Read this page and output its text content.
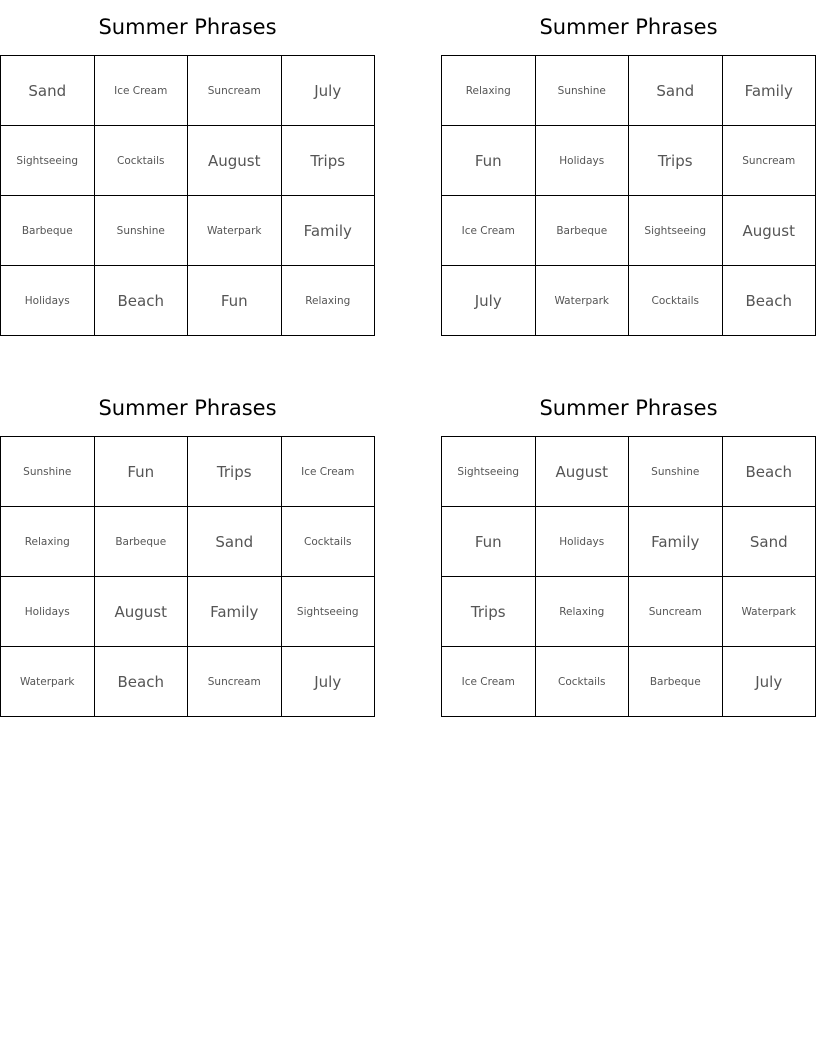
Summer Phrases
Sand	Ice Cream	Suncream	July
Sightseeing	Cocktails	August	Trips
Barbeque	Sunshine	Waterpark	Family
Holidays	Beach	Fun	Relaxing
Summer Phrases
Relaxing	Sunshine	Sand	Family
Fun	Holidays	Trips	Suncream
Ice Cream	Barbeque	Sightseeing	August
July	Waterpark	Cocktails	Beach
Summer Phrases
Sunshine	Fun	Trips	Ice Cream
Relaxing	Barbeque	Sand	Cocktails
Holidays	August	Family	Sightseeing
Waterpark	Beach	Suncream	July
Summer Phrases
Sightseeing	August	Sunshine	Beach
Fun	Holidays	Family	Sand
Trips	Relaxing	Suncream	Waterpark
Ice Cream	Cocktails	Barbeque	July
